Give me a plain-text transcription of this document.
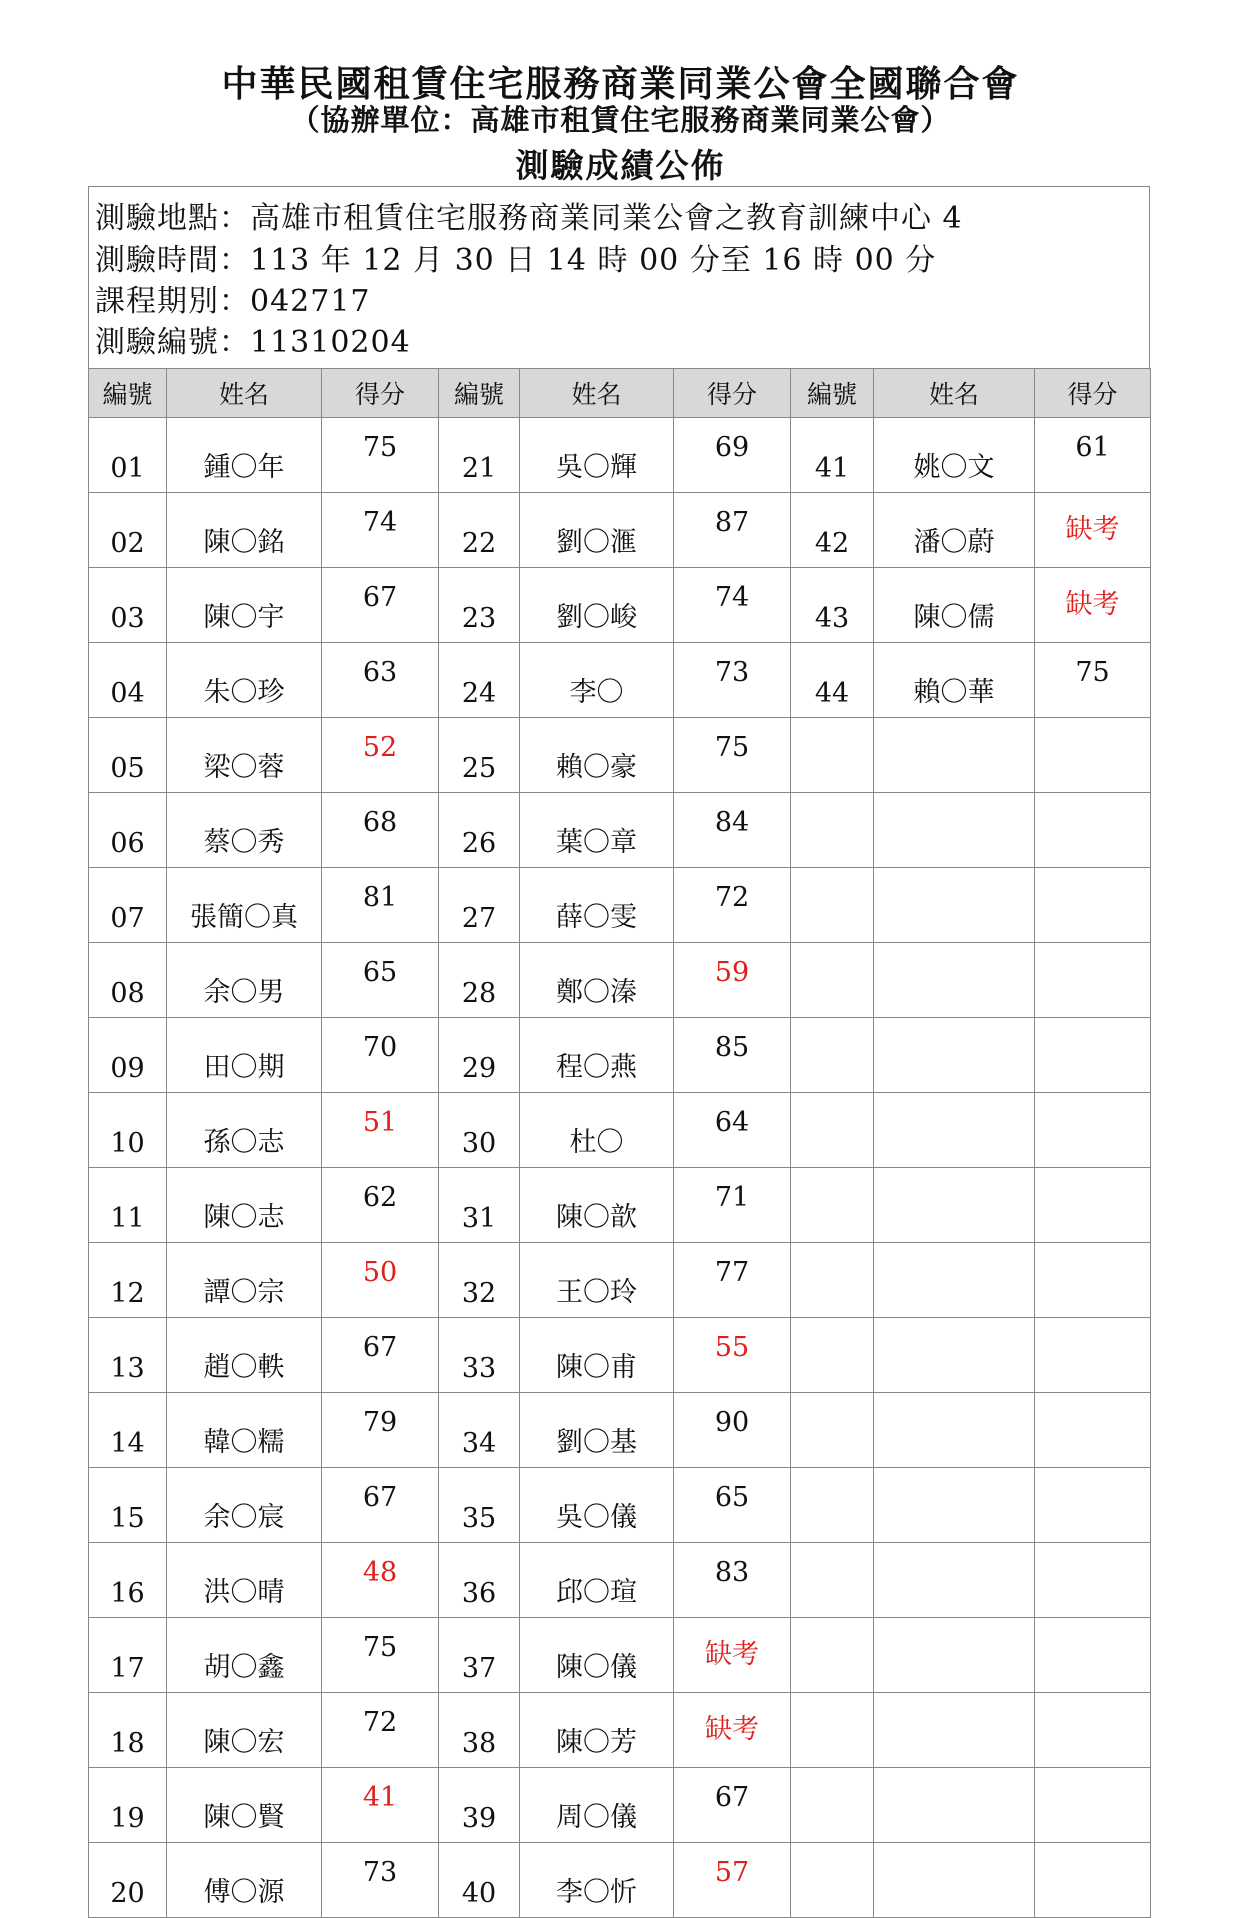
中華民國租賃住宅服務商業同業公會全國聯合會
（協辦單位：高雄市租賃住宅服務商業同業公會）
測驗成績公佈
測驗地點：高雄市租賃住宅服務商業同業公會之教育訓練中心 4
測驗時間：113 年 12 月 30 日 14 時 00 分至 16 時 00 分
課程期別：042717
測驗編號：11310204
編號	姓名	得分	編號	姓名	得分	編號	姓名	得分
01	鍾〇年	75	21	吳〇輝	69	41	姚〇文	61
02	陳〇銘	74	22	劉〇滙	87	42	潘〇蔚	缺考
03	陳〇宇	67	23	劉〇峻	74	43	陳〇儒	缺考
04	朱〇珍	63	24	李〇	73	44	賴〇華	75
05	梁〇蓉	52	25	賴〇豪	75			
06	蔡〇秀	68	26	葉〇章	84			
07	張簡〇真	81	27	薛〇雯	72			
08	余〇男	65	28	鄭〇溱	59			
09	田〇期	70	29	程〇燕	85			
10	孫〇志	51	30	杜〇	64			
11	陳〇志	62	31	陳〇歆	71			
12	譚〇宗	50	32	王〇玲	77			
13	趙〇軼	67	33	陳〇甫	55			
14	韓〇糯	79	34	劉〇基	90			
15	余〇宸	67	35	吳〇儀	65			
16	洪〇晴	48	36	邱〇瑄	83			
17	胡〇鑫	75	37	陳〇儀	缺考			
18	陳〇宏	72	38	陳〇芳	缺考			
19	陳〇賢	41	39	周〇儀	67			
20	傅〇源	73	40	李〇忻	57			
